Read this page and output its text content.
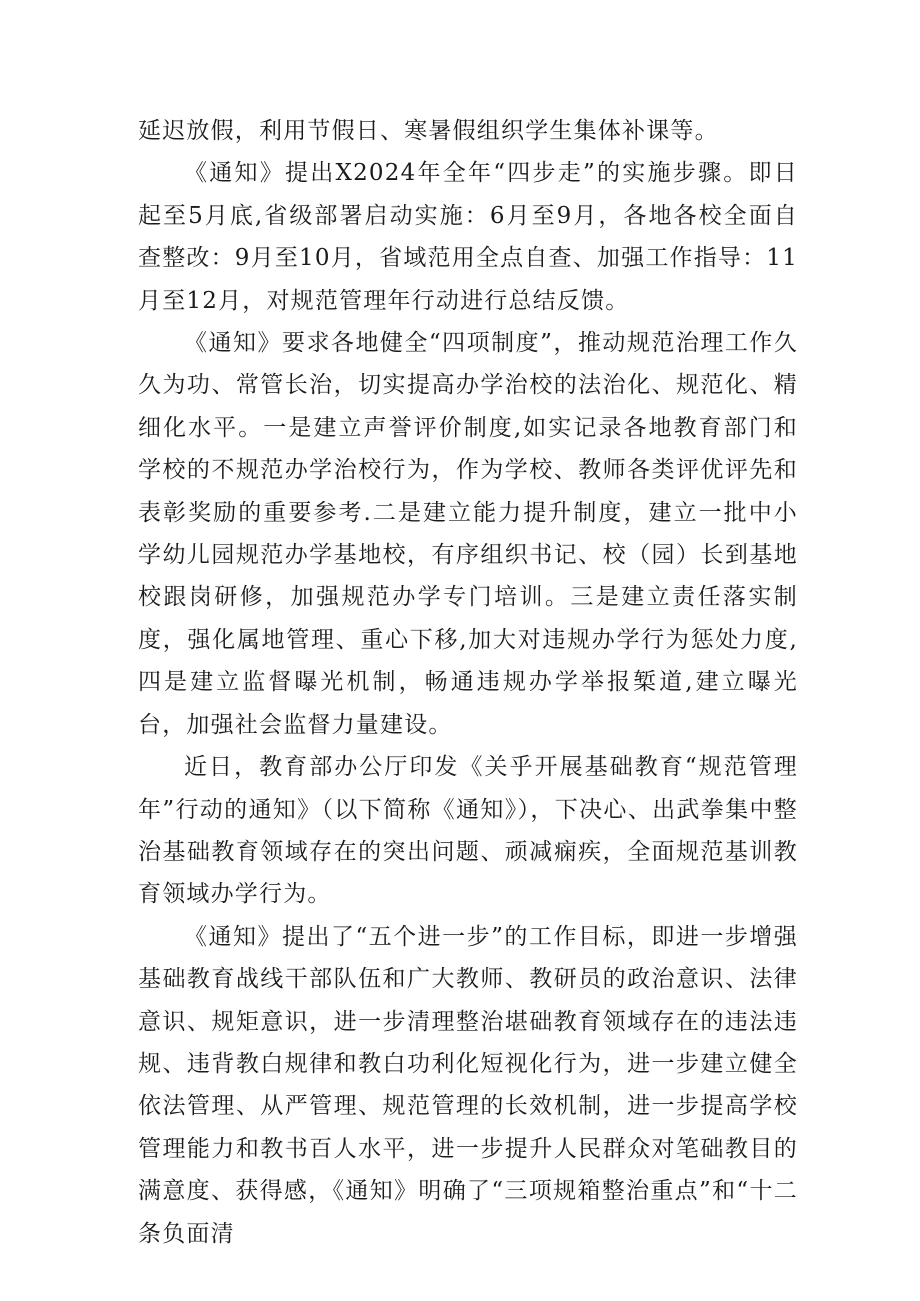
延迟放假，利用节假日、寒暑假组织学生集体补课等。

《通知》提出X2024年全年“四步走”的实施步骤。即日起至5月底,省级部署启动实施：6月至9月，各地各校全面自查整改：9月至10月，省域范用全点自查、加强工作指导：11月至12月，对规范管理年行动进行总结反馈。

《通知》要求各地健全“四项制度”，推动规范治理工作久久为功、常管长治，切实提高办学治校的法治化、规范化、精细化水平。一是建立声誉评价制度,如实记录各地教育部门和学校的不规范办学治校行为，作为学校、教师各类评优评先和表彰奖励的重要参考.二是建立能力提升制度，建立一批中小学幼儿园规范办学基地校，有序组织书记、校（园）长到基地校跟岗研修，加强规范办学专门培训。三是建立责任落实制度，强化属地管理、重心下移,加大对违规办学行为惩处力度,四是建立监督曝光机制，畅通违规办学举报椠道,建立曝光台，加强社会监督力量建设。

近日，教育部办公厅印发《关乎开展基础教育“规范管理年”行动的通知》（以下简称《通知》），下决心、出武拳集中整治基础教育领域存在的突出问题、顽减痫疾，全面规范基训教育领域办学行为。

《通知》提出了“五个进一步”的工作目标，即进一步增强基础教育战线干部队伍和广大教师、教研员的政治意识、法律意识、规矩意识，进一步清理整治堪础教育领域存在的违法违规、违背教白规律和教白功利化短视化行为，进一步建立健全依法管理、从严管理、规范管理的长效机制，进一步提高学校管理能力和教书百人水平，进一步提升人民群众对笔础教目的满意度、获得感，《通知》明确了“三项规箱整治重点”和“十二条负面清
